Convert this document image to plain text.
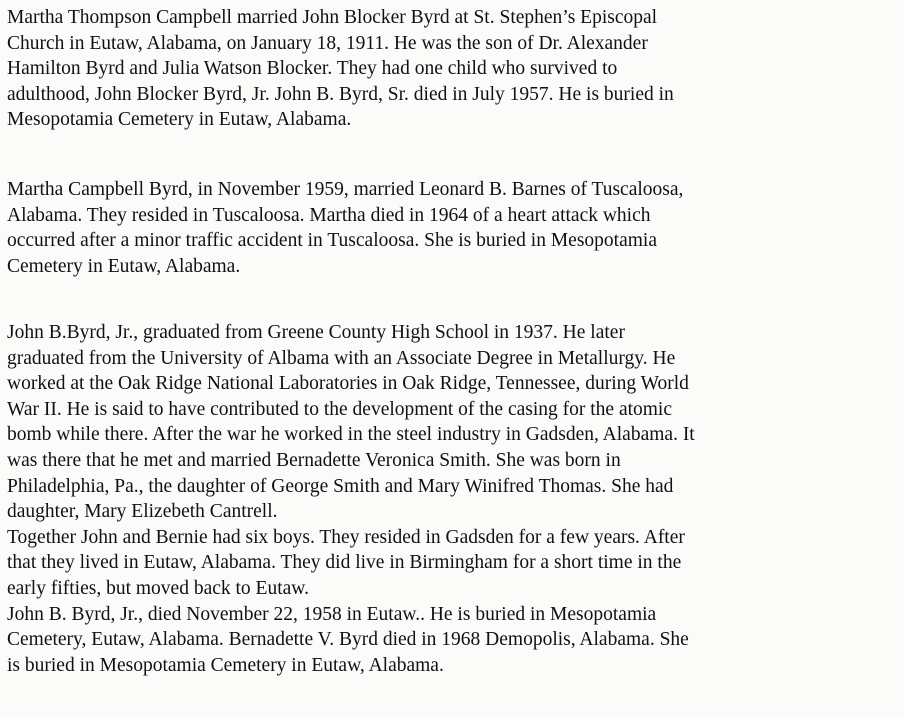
Martha Thompson Campbell married John Blocker Byrd at St. Stephen’s Episcopal
Church in Eutaw, Alabama, on January 18, 1911. He was the son of Dr. Alexander
Hamilton Byrd and Julia Watson Blocker. They had one child who survived to
adulthood, John Blocker Byrd, Jr. John B. Byrd, Sr. died in July 1957. He is buried in
Mesopotamia Cemetery in Eutaw, Alabama.

Martha Campbell Byrd, in November 1959, married Leonard B. Barnes of Tuscaloosa,
Alabama. They resided in Tuscaloosa. Martha died in 1964 of a heart attack which
occurred after a minor traffic accident in Tuscaloosa. She is buried in Mesopotamia
Cemetery in Eutaw, Alabama.

John B.Byrd, Jr., graduated from Greene County High School in 1937. He later
graduated from the University of Albama with an Associate Degree in Metallurgy. He
worked at the Oak Ridge National Laboratories in Oak Ridge, Tennessee, during World
War II. He is said to have contributed to the development of the casing for the atomic
bomb while there. After the war he worked in the steel industry in Gadsden, Alabama. It
was there that he met and married Bernadette Veronica Smith. She was born in
Philadelphia, Pa., the daughter of George Smith and Mary Winifred Thomas. She had
daughter, Mary Elizebeth Cantrell.
Together John and Bernie had six boys. They resided in Gadsden for a few years. After
that they lived in Eutaw, Alabama. They did live in Birmingham for a short time in the
early fifties, but moved back to Eutaw.
John B. Byrd, Jr., died November 22, 1958 in Eutaw.. He is buried in Mesopotamia
Cemetery, Eutaw, Alabama. Bernadette V. Byrd died in 1968 Demopolis, Alabama. She
is buried in Mesopotamia Cemetery in Eutaw, Alabama.
